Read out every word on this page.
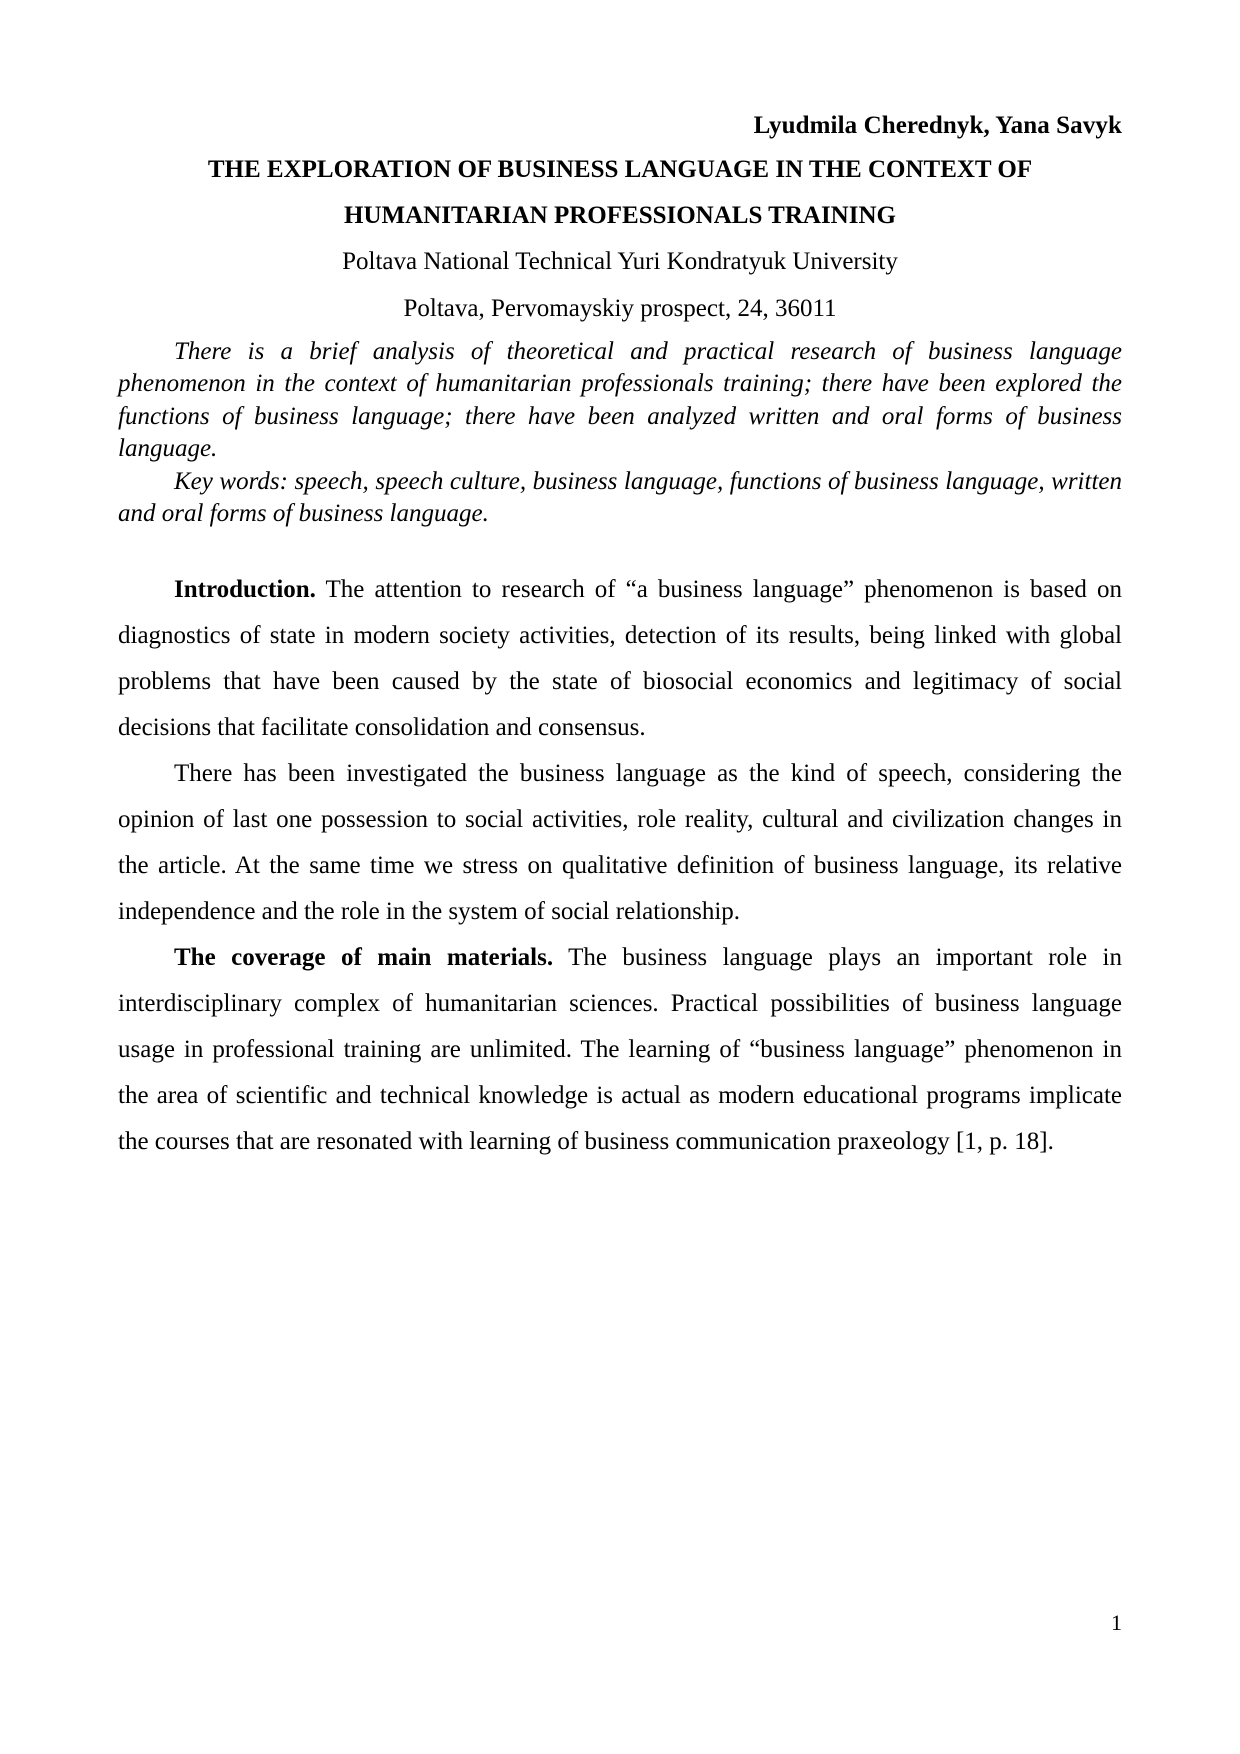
Lyudmila Cherednyk, Yana Savyk
THE EXPLORATION OF BUSINESS LANGUAGE IN THE CONTEXT OF
HUMANITARIAN PROFESSIONALS TRAINING
Poltava National Technical Yuri Kondratyuk University
Poltava, Pervomayskiy prospect, 24, 36011

There is a brief analysis of theoretical and practical research of business language phenomenon in the context of humanitarian professionals training; there have been explored the functions of business language; there have been analyzed written and oral forms of business language.

Key words: speech, speech culture, business language, functions of business language, written and oral forms of business language.

Introduction. The attention to research of “a business language” phenomenon is based on diagnostics of state in modern society activities, detection of its results, being linked with global problems that have been caused by the state of biosocial economics and legitimacy of social decisions that facilitate consolidation and consensus.

There has been investigated the business language as the kind of speech, considering the opinion of last one possession to social activities, role reality, cultural and civilization changes in the article. At the same time we stress on qualitative definition of business language, its relative independence and the role in the system of social relationship.

The coverage of main materials. The business language plays an important role in interdisciplinary complex of humanitarian sciences. Practical possibilities of business language usage in professional training are unlimited. The learning of “business language” phenomenon in the area of scientific and technical knowledge is actual as modern educational programs implicate the courses that are resonated with learning of business communication praxeology [1, p. 18].

1
